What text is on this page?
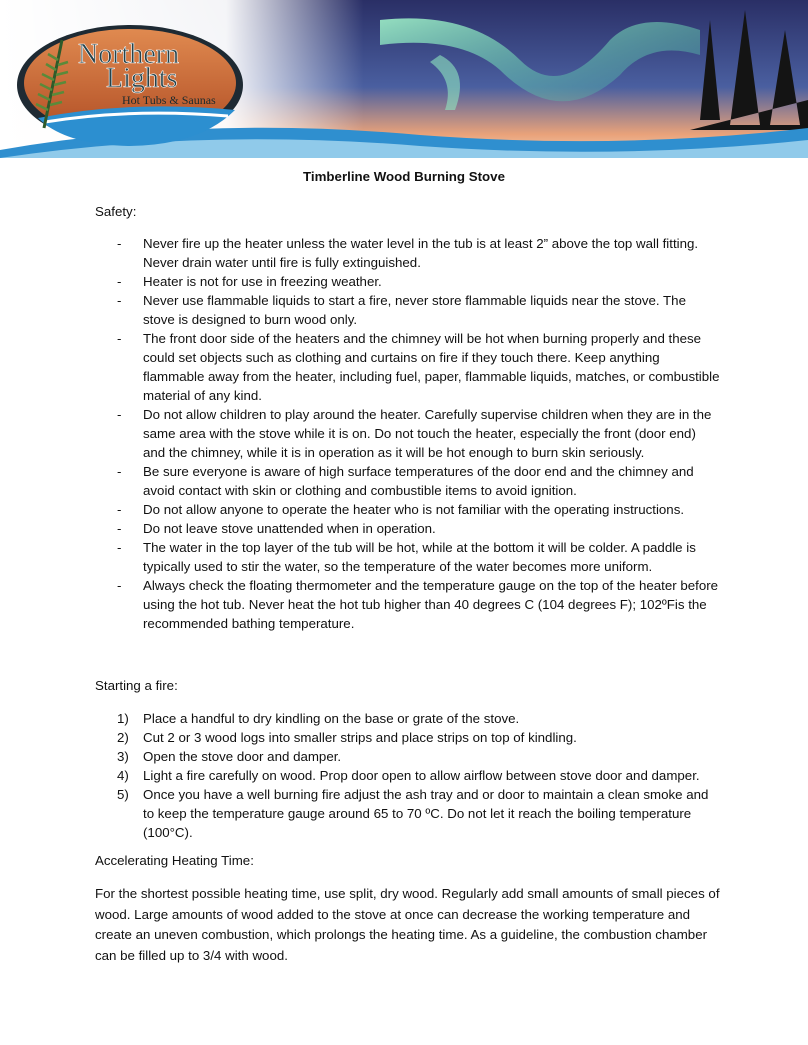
Northern
Lights
Hot Tubs & Saunas
Timberline Wood Burning Stove
Safety:
- Never fire up the heater unless the water level in the tub is at least 2” above the top wall fitting. Never drain water until fire is fully extinguished.
- Heater is not for use in freezing weather.
- Never use flammable liquids to start a fire, never store flammable liquids near the stove. The stove is designed to burn wood only.
- The front door side of the heaters and the chimney will be hot when burning properly and these could set objects such as clothing and curtains on fire if they touch there. Keep anything flammable away from the heater, including fuel, paper, flammable liquids, matches, or combustible material of any kind.
- Do not allow children to play around the heater. Carefully supervise children when they are in the same area with the stove while it is on. Do not touch the heater, especially the front (door end) and the chimney, while it is in operation as it will be hot enough to burn skin seriously.
- Be sure everyone is aware of high surface temperatures of the door end and the chimney and avoid contact with skin or clothing and combustible items to avoid ignition.
- Do not allow anyone to operate the heater who is not familiar with the operating instructions.
- Do not leave stove unattended when in operation.
- The water in the top layer of the tub will be hot, while at the bottom it will be colder. A paddle is typically used to stir the water, so the temperature of the water becomes more uniform.
- Always check the floating thermometer and the temperature gauge on the top of the heater before using the hot tub. Never heat the hot tub higher than 40 degrees C (104 degrees F); 102ºFis the recommended bathing temperature.
Starting a fire:
1) Place a handful to dry kindling on the base or grate of the stove.
2) Cut 2 or 3 wood logs into smaller strips and place strips on top of kindling.
3) Open the stove door and damper.
4) Light a fire carefully on wood. Prop door open to allow airflow between stove door and damper.
5) Once you have a well burning fire adjust the ash tray and or door to maintain a clean smoke and to keep the temperature gauge around 65 to 70 ºC. Do not let it reach the boiling temperature (100°C).
Accelerating Heating Time:

For the shortest possible heating time, use split, dry wood. Regularly add small amounts of small pieces of wood. Large amounts of wood added to the stove at once can decrease the working temperature and create an uneven combustion, which prolongs the heating time. As a guideline, the combustion chamber can be filled up to 3/4 with wood.
